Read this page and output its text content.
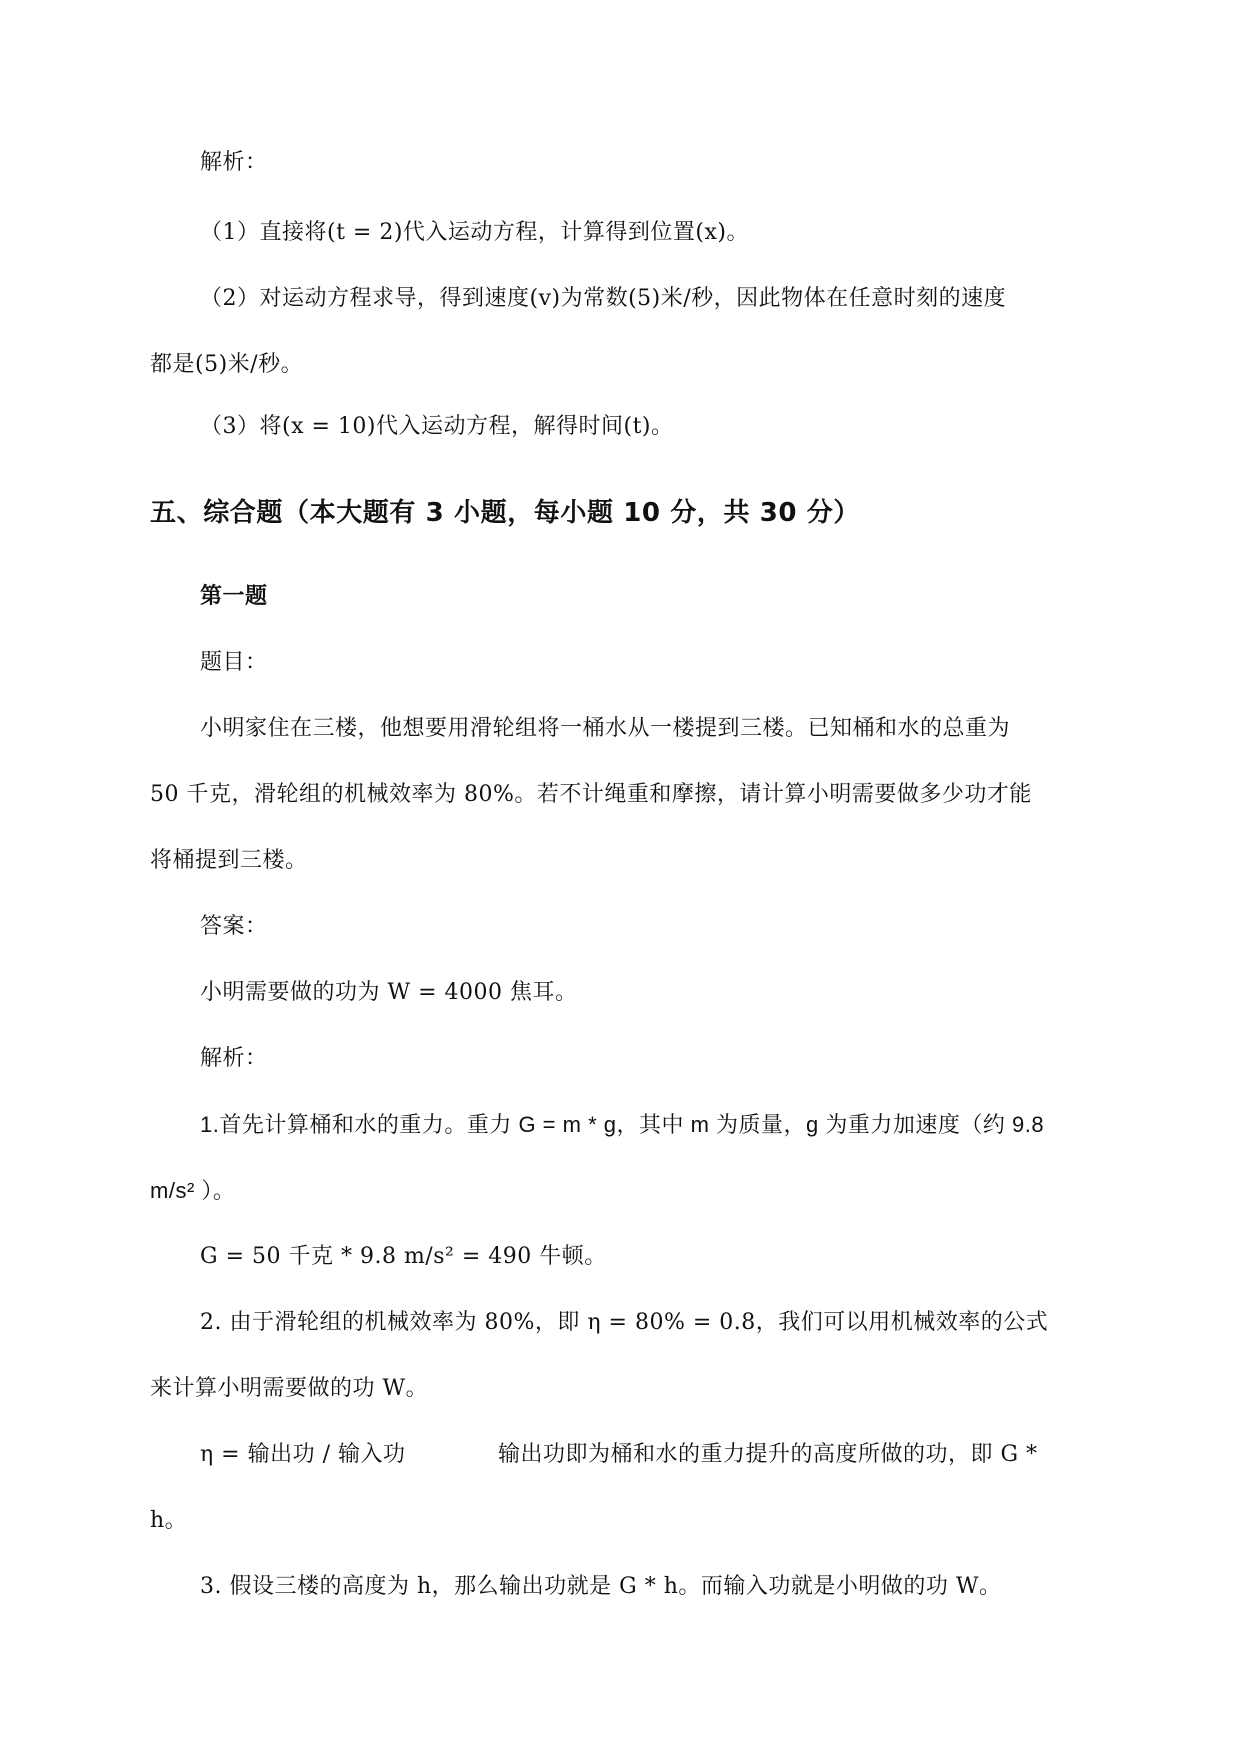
解析：
（1）直接将(t = 2)代入运动方程，计算得到位置(x)。
（2）对运动方程求导，得到速度(v)为常数(5)米/秒，因此物体在任意时刻的速度
都是(5)米/秒。
（3）将(x = 10)代入运动方程，解得时间(t)。
五、综合题（本大题有 3 小题，每小题 10 分，共 30 分）
第一题
题目：
小明家住在三楼，他想要用滑轮组将一桶水从一楼提到三楼。已知桶和水的总重为
50 千克，滑轮组的机械效率为 80%。若不计绳重和摩擦，请计算小明需要做多少功才能
将桶提到三楼。
答案：
小明需要做的功为 W = 4000 焦耳。
解析：
1.首先计算桶和水的重力。重力 G = m * g，其中 m 为质量，g 为重力加速度（约 9.8
m/s² ）。
G = 50 千克 * 9.8 m/s² = 490 牛顿。
2. 由于滑轮组的机械效率为 80%，即 η = 80% = 0.8，我们可以用机械效率的公式
来计算小明需要做的功 W。
η = 输出功 / 输入功	输出功即为桶和水的重力提升的高度所做的功，即 G *
h。
3. 假设三楼的高度为 h，那么输出功就是 G * h。而输入功就是小明做的功 W。
